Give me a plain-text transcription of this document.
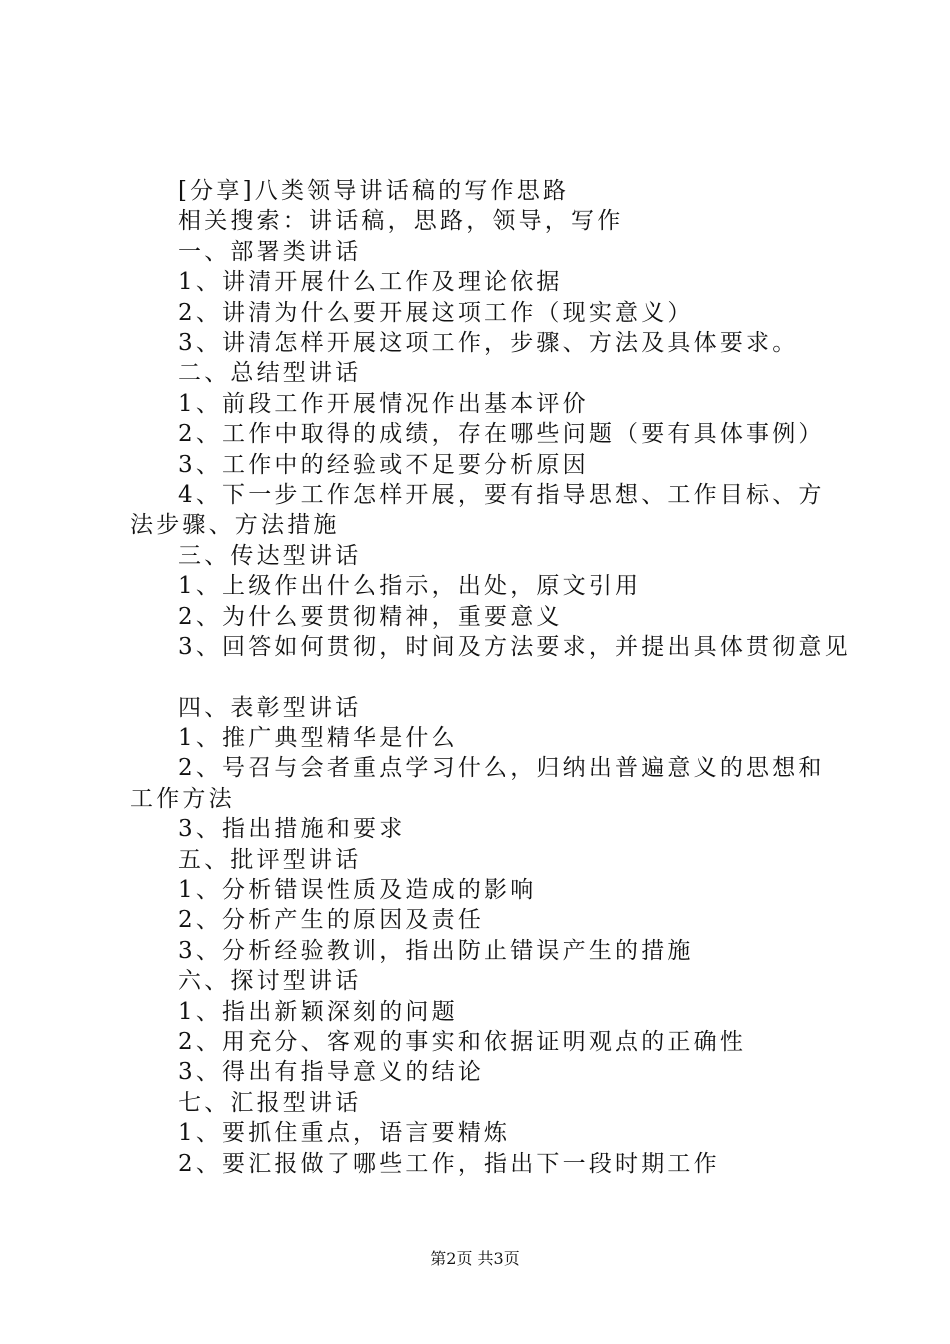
[分享]八类领导讲话稿的写作思路
相关搜索：讲话稿，思路，领导，写作
一、部署类讲话
1、讲清开展什么工作及理论依据
2、讲清为什么要开展这项工作（现实意义）
3、讲清怎样开展这项工作，步骤、方法及具体要求。
二、总结型讲话
1、前段工作开展情况作出基本评价
2、工作中取得的成绩，存在哪些问题（要有具体事例）
3、工作中的经验或不足要分析原因
4、下一步工作怎样开展，要有指导思想、工作目标、方法步骤、方法措施
三、传达型讲话
1、上级作出什么指示，出处，原文引用
2、为什么要贯彻精神，重要意义
3、回答如何贯彻，时间及方法要求，并提出具体贯彻意见
四、表彰型讲话
1、推广典型精华是什么
2、号召与会者重点学习什么，归纳出普遍意义的思想和工作方法
3、指出措施和要求
五、批评型讲话
1、分析错误性质及造成的影响
2、分析产生的原因及责任
3、分析经验教训，指出防止错误产生的措施
六、探讨型讲话
1、指出新颖深刻的问题
2、用充分、客观的事实和依据证明观点的正确性
3、得出有指导意义的结论
七、汇报型讲话
1、要抓住重点，语言要精炼
2、要汇报做了哪些工作，指出下一段时期工作
第2页 共3页
